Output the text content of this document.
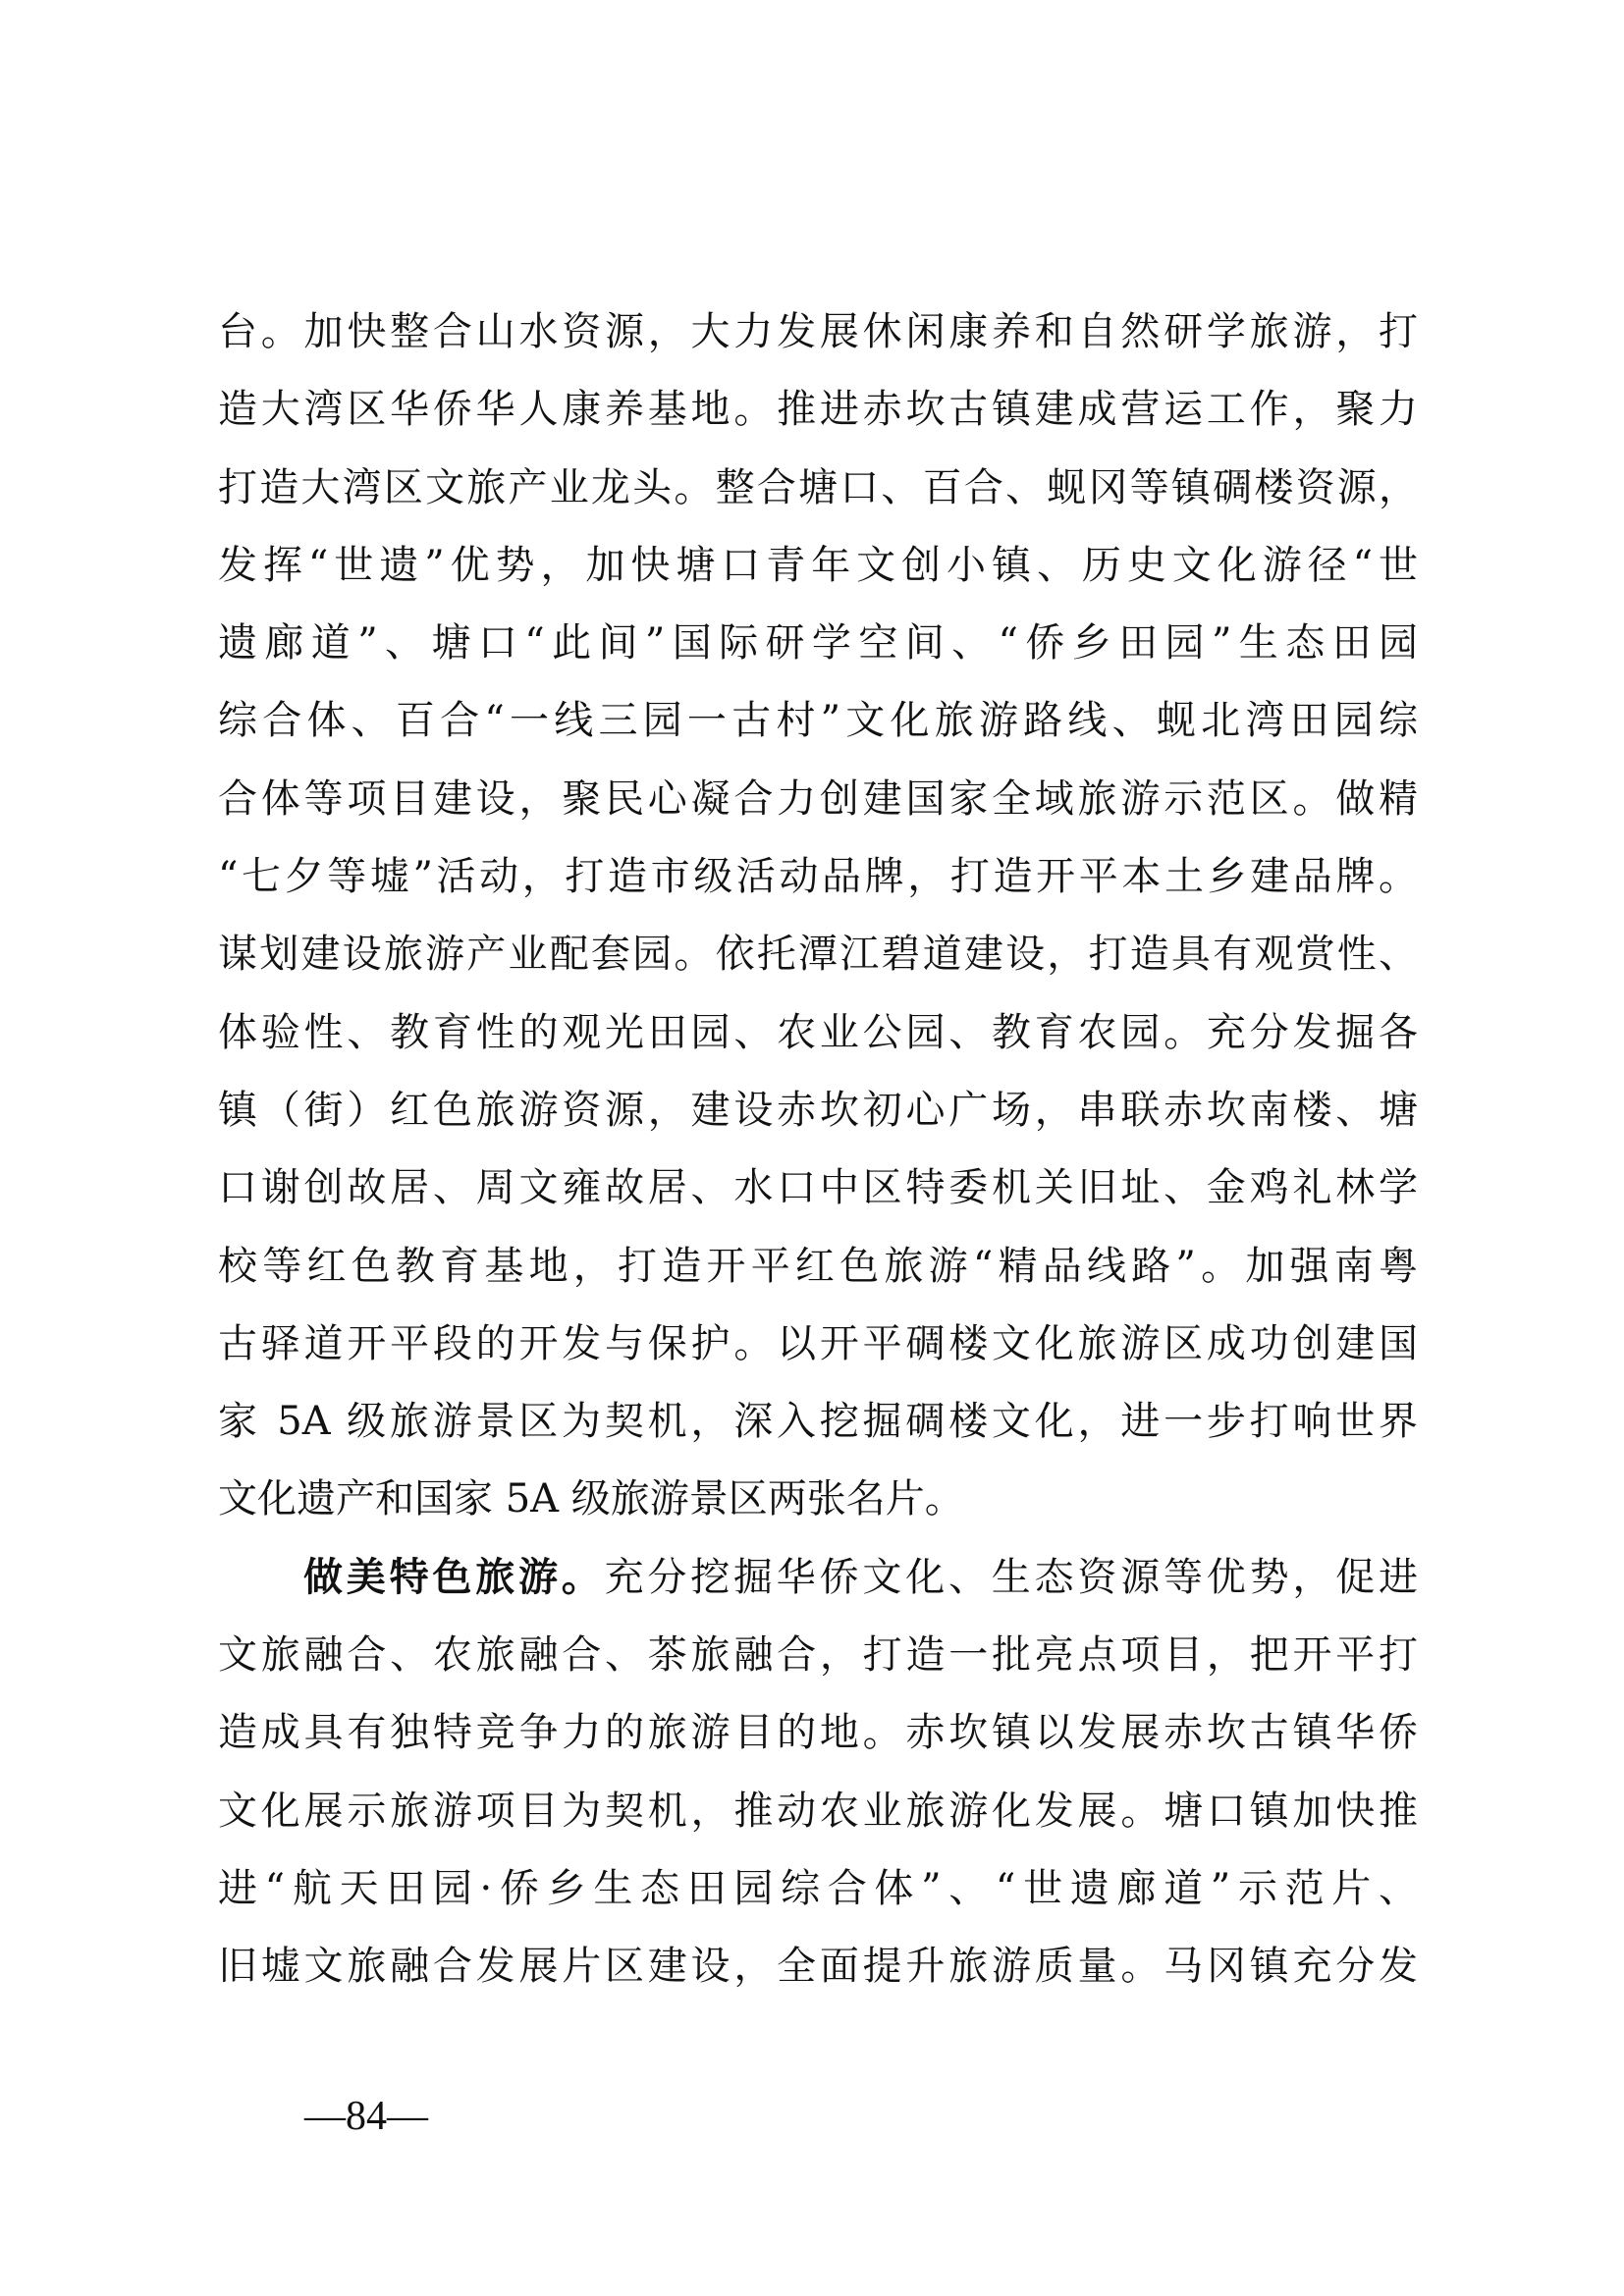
台。加快整合山水资源，大力发展休闲康养和自然研学旅游，打
造大湾区华侨华人康养基地。推进赤坎古镇建成营运工作，聚力
打造大湾区文旅产业龙头。整合塘口、百合、蚬冈等镇碉楼资源，
发挥“世遗”优势，加快塘口青年文创小镇、历史文化游径“世
遗廊道”、塘口“此间”国际研学空间、“侨乡田园”生态田园
综合体、百合“一线三园一古村”文化旅游路线、蚬北湾田园综
合体等项目建设，聚民心凝合力创建国家全域旅游示范区。做精
“七夕等墟”活动，打造市级活动品牌，打造开平本土乡建品牌。
谋划建设旅游产业配套园。依托潭江碧道建设，打造具有观赏性、
体验性、教育性的观光田园、农业公园、教育农园。充分发掘各
镇（街）红色旅游资源，建设赤坎初心广场，串联赤坎南楼、塘
口谢创故居、周文雍故居、水口中区特委机关旧址、金鸡礼林学
校等红色教育基地，打造开平红色旅游“精品线路”。加强南粤
古驿道开平段的开发与保护。以开平碉楼文化旅游区成功创建国
家 5A 级旅游景区为契机，深入挖掘碉楼文化，进一步打响世界
文化遗产和国家 5A 级旅游景区两张名片。
做美特色旅游。充分挖掘华侨文化、生态资源等优势，促进
文旅融合、农旅融合、茶旅融合，打造一批亮点项目，把开平打
造成具有独特竞争力的旅游目的地。赤坎镇以发展赤坎古镇华侨
文化展示旅游项目为契机，推动农业旅游化发展。塘口镇加快推
进“航天田园·侨乡生态田园综合体”、“世遗廊道”示范片、
旧墟文旅融合发展片区建设，全面提升旅游质量。马冈镇充分发
—84—
